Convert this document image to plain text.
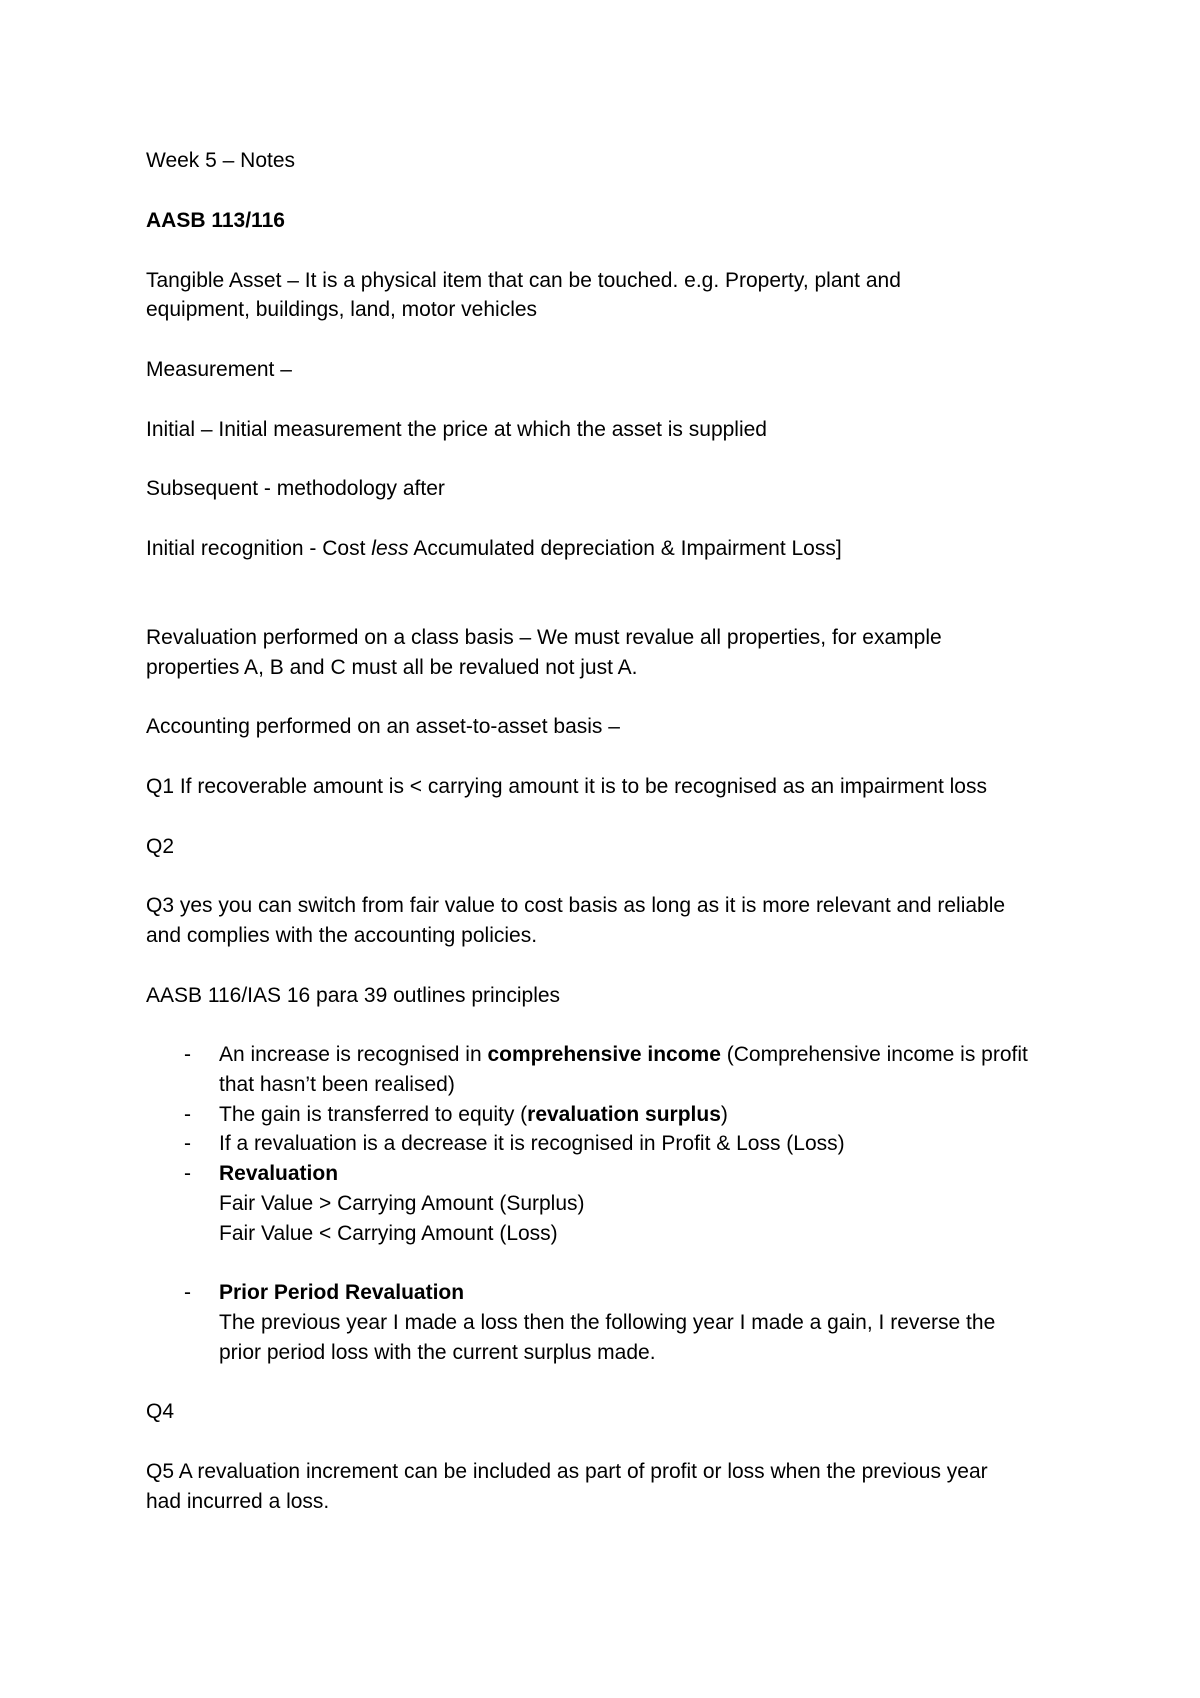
Week 5 – Notes

AASB 113/116

Tangible Asset – It is a physical item that can be touched. e.g. Property, plant and

equipment, buildings, land, motor vehicles

Measurement –

Initial – Initial measurement the price at which the asset is supplied

Subsequent - methodology after

Initial recognition - Cost less Accumulated depreciation & Impairment Loss]

Revaluation performed on a class basis – We must revalue all properties, for example

properties A, B and C must all be revalued not just A.

Accounting performed on an asset-to-asset basis –

Q1 If recoverable amount is < carrying amount it is to be recognised as an impairment loss

Q2

Q3 yes you can switch from fair value to cost basis as long as it is more relevant and reliable

and complies with the accounting policies.

AASB 116/IAS 16 para 39 outlines principles

-	An increase is recognised in comprehensive income (Comprehensive income is profit
that hasn’t been realised)
-	The gain is transferred to equity (revaluation surplus)
-	If a revaluation is a decrease it is recognised in Profit & Loss (Loss)
-	Revaluation
Fair Value > Carrying Amount (Surplus)
Fair Value < Carrying Amount (Loss)
-	Prior Period Revaluation
The previous year I made a loss then the following year I made a gain, I reverse the
prior period loss with the current surplus made.

Q4

Q5 A revaluation increment can be included as part of profit or loss when the previous year

had incurred a loss.
